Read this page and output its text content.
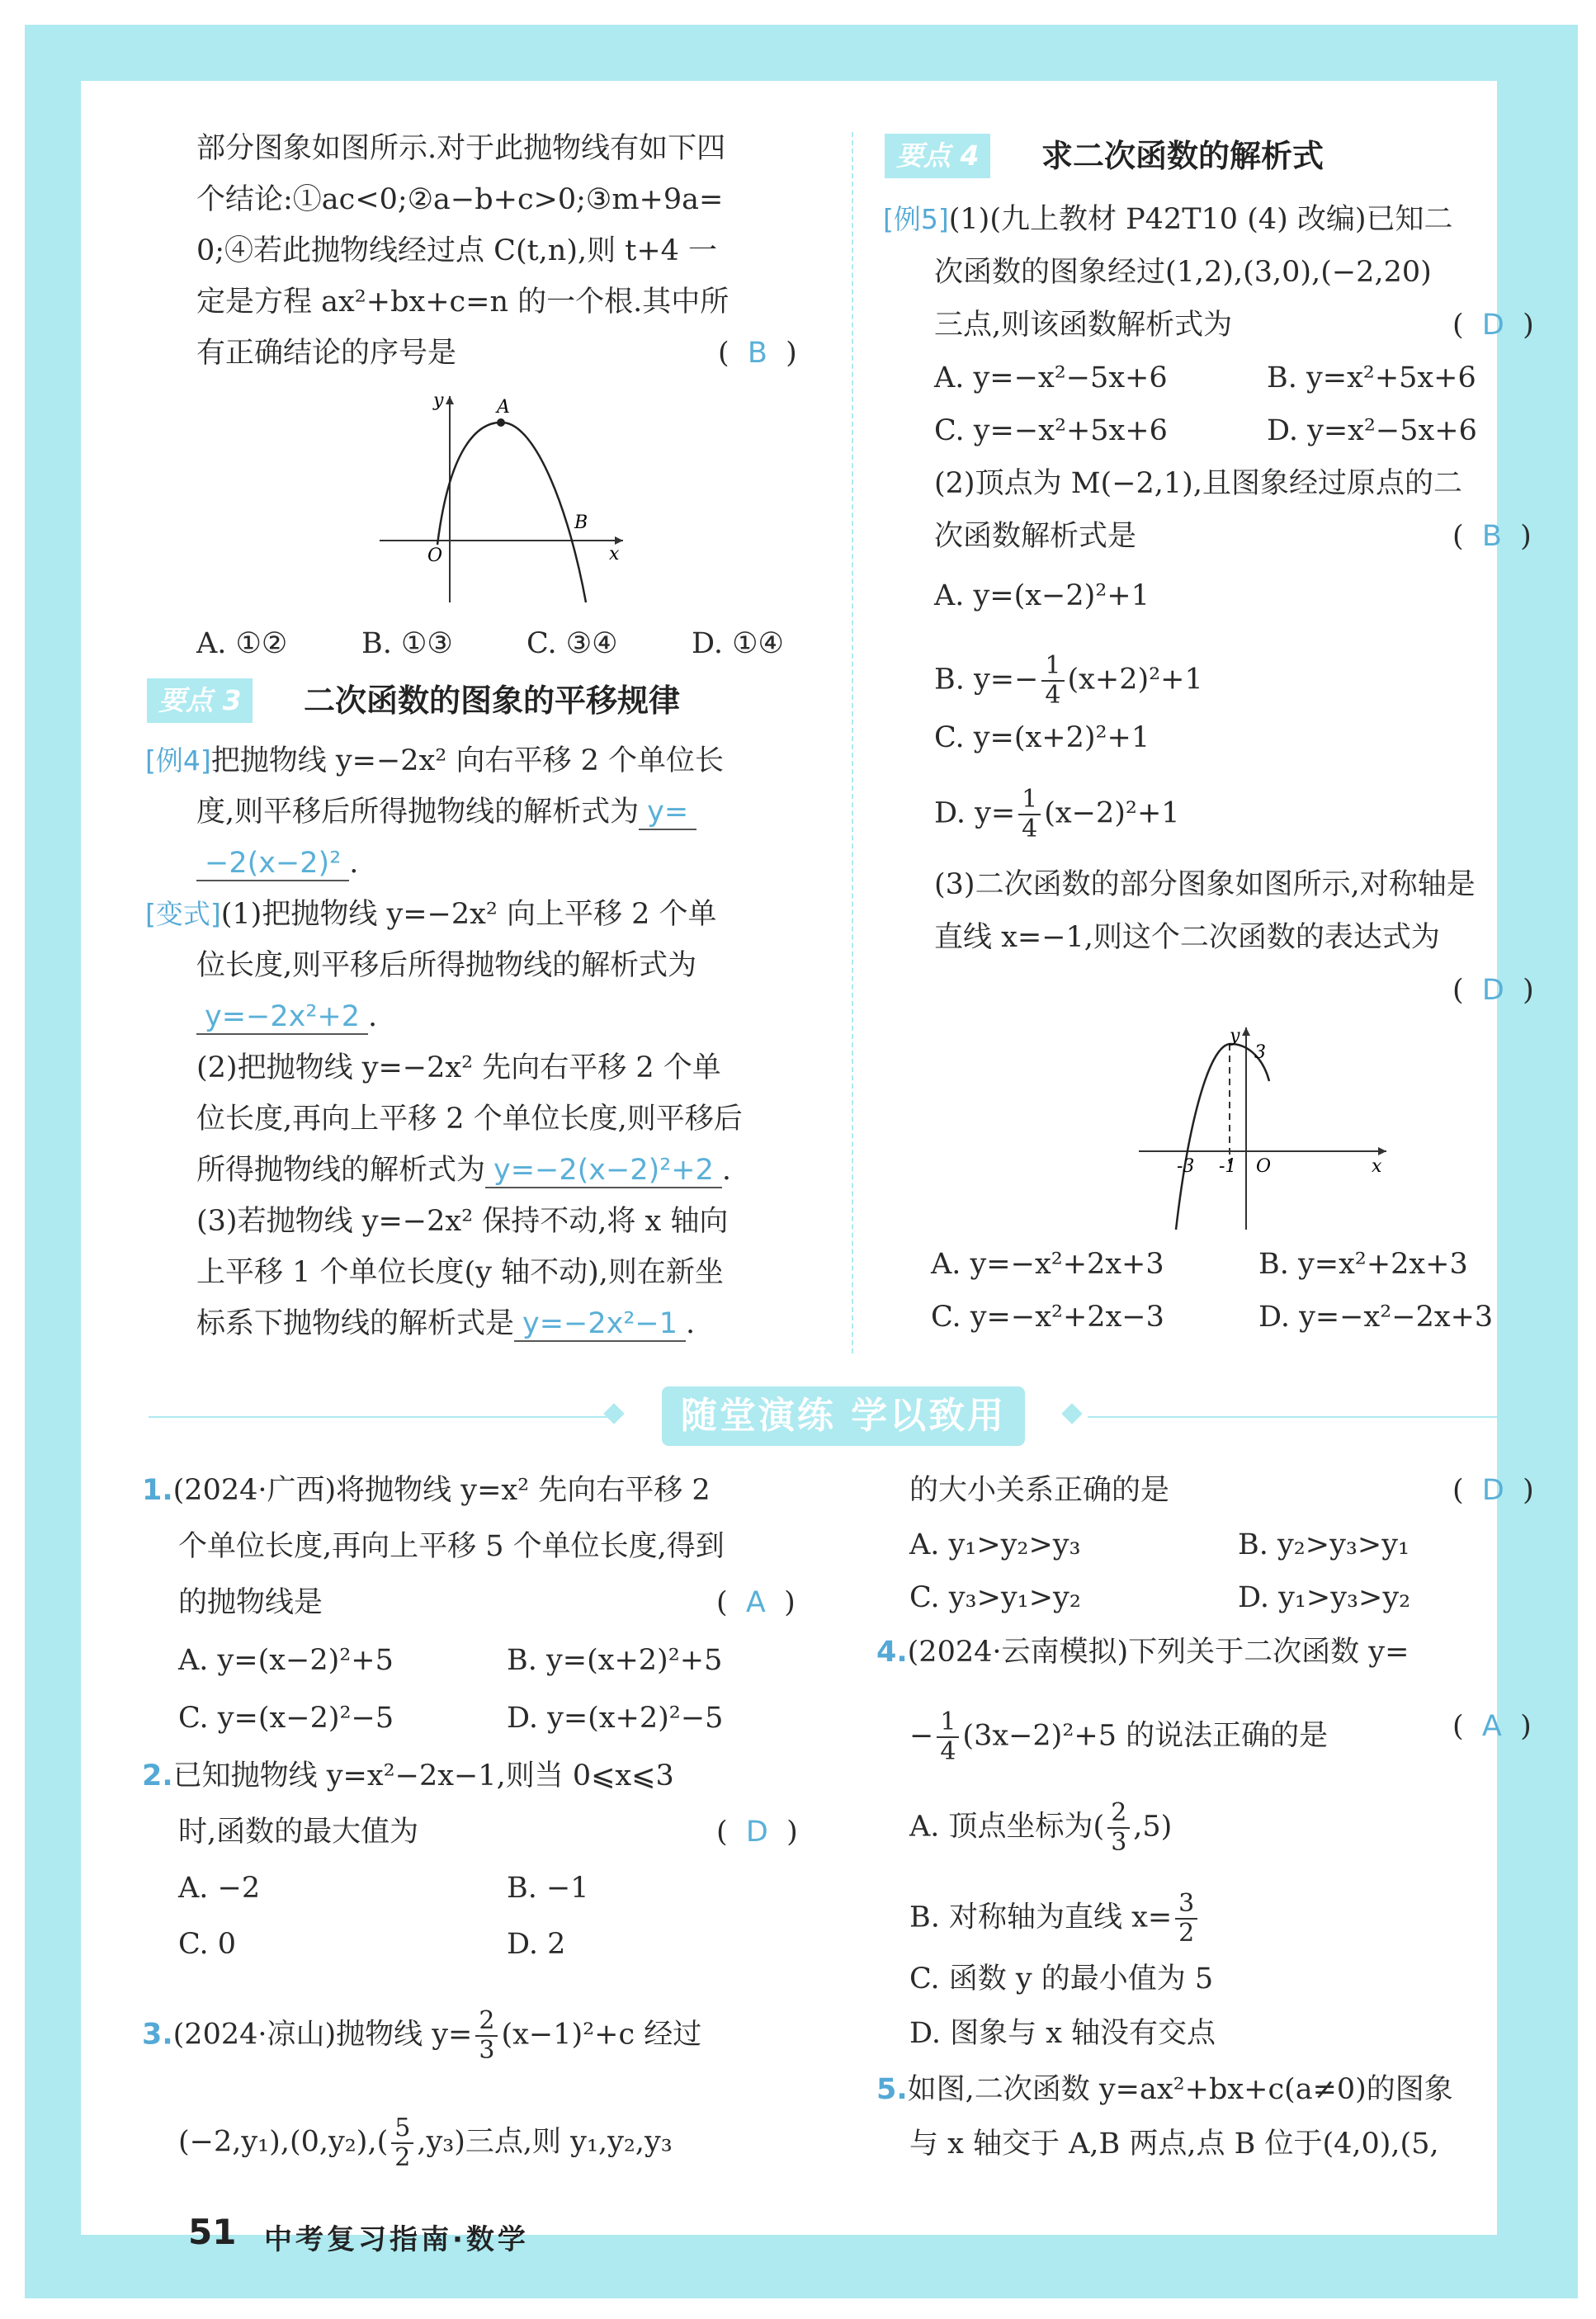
部分图象如图所示.对于此抛物线有如下四
个结论:①ac<0;②a−b+c>0;③m+9a=
0;④若此抛物线经过点 C(t,n),则 t+4 一
定是方程 ax²+bx+c=n 的一个根.其中所
有正确结论的序号是	(  B  )
y	A
B
O	x
A. ①②	B. ①③	C. ③④	D. ①④
要点 3	二次函数的图象的平移规律
[例4]把抛物线 y=−2x² 向右平移 2 个单位长
度,则平移后所得抛物线的解析式为 y=
−2(x−2)² .
[变式](1)把抛物线 y=−2x² 向上平移 2 个单
位长度,则平移后所得抛物线的解析式为
y=−2x²+2 .
(2)把抛物线 y=−2x² 先向右平移 2 个单
位长度,再向上平移 2 个单位长度,则平移后
所得抛物线的解析式为 y=−2(x−2)²+2 .
(3)若抛物线 y=−2x² 保持不动,将 x 轴向
上平移 1 个单位长度(y 轴不动),则在新坐
标系下抛物线的解析式是 y=−2x²−1 .
要点 4	求二次函数的解析式
[例5](1)(九上教材 P42T10 (4) 改编)已知二
次函数的图象经过(1,2),(3,0),(−2,20)
三点,则该函数解析式为	(  D  )
A. y=−x²−5x+6	B. y=x²+5x+6
C. y=−x²+5x+6	D. y=x²−5x+6
(2)顶点为 M(−2,1),且图象经过原点的二
次函数解析式是	(  B  )
A. y=(x−2)²+1
B. $y=- \frac{1}{4} (x+2)^2+1$
C. y=(x+2)²+1
D. $y= \frac{1}{4} (x-2)^2+1$
(3)二次函数的部分图象如图所示,对称轴是
直线 x=−1,则这个二次函数的表达式为
(  D  )
y
3
-3 -1 O	x
A. y=−x²+2x+3	B. y=x²+2x+3
C. y=−x²+2x−3	D. y=−x²−2x+3
随堂演练 学以致用
1.(2024·广西)将抛物线 y=x² 先向右平移 2
个单位长度,再向上平移 5 个单位长度,得到
的抛物线是	(  A  )
A. y=(x−2)²+5	B. y=(x+2)²+5
C. y=(x−2)²−5	D. y=(x+2)²−5
2.已知抛物线 y=x²−2x−1,则当 0⩽x⩽3
时,函数的最大值为	(  D  )
A. −2	B. −1
C. 0	D. 2
3.(2024·凉山)抛物线 $y= \frac{2}{3} (x-1)^2+c$ 经过
$(-2,y_1),(0,y_2),( \frac{5}{2} ,y_3)$三点,则 y₁,y₂,y₃
的大小关系正确的是	(  D  )
A. y₁>y₂>y₃	B. y₂>y₃>y₁
C. y₃>y₁>y₂	D. y₁>y₃>y₂
4.(2024·云南模拟)下列关于二次函数 y=
− $\frac{1}{4} (3x-2)^2+5$ 的说法正确的是	(  A  )
A. 顶点坐标为( $\frac{2}{3} ,5$)
B. 对称轴为直线 $x= \frac{3}{2}$
C. 函数 y 的最小值为 5
D. 图象与 x 轴没有交点
5.如图,二次函数 y=ax²+bx+c(a≠0)的图象
与 x 轴交于 A,B 两点,点 B 位于(4,0),(5,
51 中考复习指南·数学
